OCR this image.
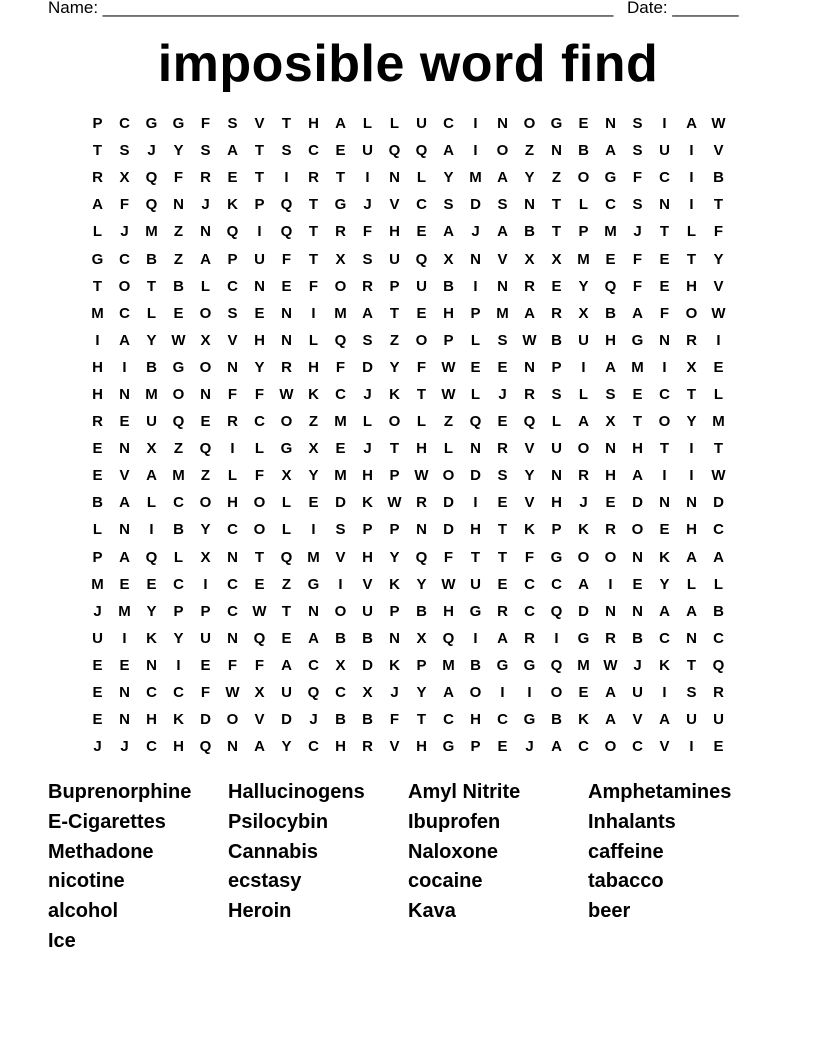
Name: ______________________________________________________ Date: _______
imposible word find
P	C	G	G	F	S	V	T	H	A	L	L	U	C	I	N	O	G	E	N	S	I	A W
T	S	J	Y	S	A	T	S	C	E	U	Q	Q	A	I	O	Z	N	B	A	S	U	I	V
R	X	Q	F	R	E	T	I	R	T	I	N	L	Y	M	A	Y	Z	O	G	F	C	I	B
A	F	Q	N	J	K	P	Q	T	G	J	V	C	S	D	S	N	T	L	C	S	N	I	T
L	J	M	Z	N	Q	I	Q	T	R	F	H	E	A	J	A	B	T	P	M	J	T	L	F
G	C	B	Z	A	P	U	F	T	X	S	U	Q	X	N	V	X	X	M	E	F	E	T	Y
T	O	T	B	L	C	N	E	F	O	R	P	U	B	I	N	R	E	Y	Q	F	E	H	V
M	C	L	E	O	S	E	N	I	M	A	T	E	H	P	M	A	R	X	B	A	F	O W
I	A	Y W X	V	H	N	L	Q	S	Z	O	P	L	S W B	U	H	G	N	R	I
H	I	B	G	O	N	Y	R	H	F	D	Y	F	W E	E	N	P	I	A	M	I	X	E
H	N	M O	N	F	F	W K	C	J	K	T	W	L	J	R	S	L	S	E	C	T	L
R	E	U	Q	E	R	C	O	Z	M	L	O	L	Z	Q	E	Q	L	A	X	T	O	Y	M
E	N	X	Z	Q	I	L	G	X	E	J	T	H	L	N	R	V	U	O	N	H	T	I	T
E	V	A	M	Z	L	F	X	Y	M	H	P W O	D	S	Y	N	R	H	A	I	I	W
B	A	L	C	O	H	O	L	E	D	K W R	D	I	E	V	H	J	E	D	N	N	D
L	N	I	B	Y	C	O	L	I	S	P	P	N	D	H	T	K	P	K	R	O	E	H	C
P	A	Q	L	X	N	T	Q M	V	H	Y	Q	F	T	T	F	G	O	O	N	K	A	A
M	E	E	C	I	C	E	Z	G	I	V	K	Y W U	E	C	C	A	I	E	Y	L	L
J	M	Y	P	P	C W	T	N	O	U	P	B	H	G	R	C	Q	D	N	N	A	A	B
U	I	K	Y	U	N	Q	E	A	B	B	N	X	Q	I	A	R	I	G	R	B	C	N	C
E	E	N	I	E	F	F	A	C	X	D	K	P	M	B	G	G	Q M W	J	K	T	Q
E	N	C	C	F	W X	U	Q	C	X	J	Y	A	O	I	I	O	E	A	U	I	S	R
E	N	H	K	D	O	V	D	J	B	B	F	T	C	H	C	G	B	K	A	V	A	U	U
J	J	C	H	Q	N	A	Y	C	H	R	V	H	G	P	E	J	A	C	O	C	V	I	E
Buprenorphine	Hallucinogens	Amyl Nitrite	Amphetamines
E-Cigarettes	Psilocybin	Ibuprofen	Inhalants
Methadone	Cannabis	Naloxone	caffeine
nicotine	ecstasy	cocaine	tabacco
alcohol	Heroin	Kava	beer
Ice
